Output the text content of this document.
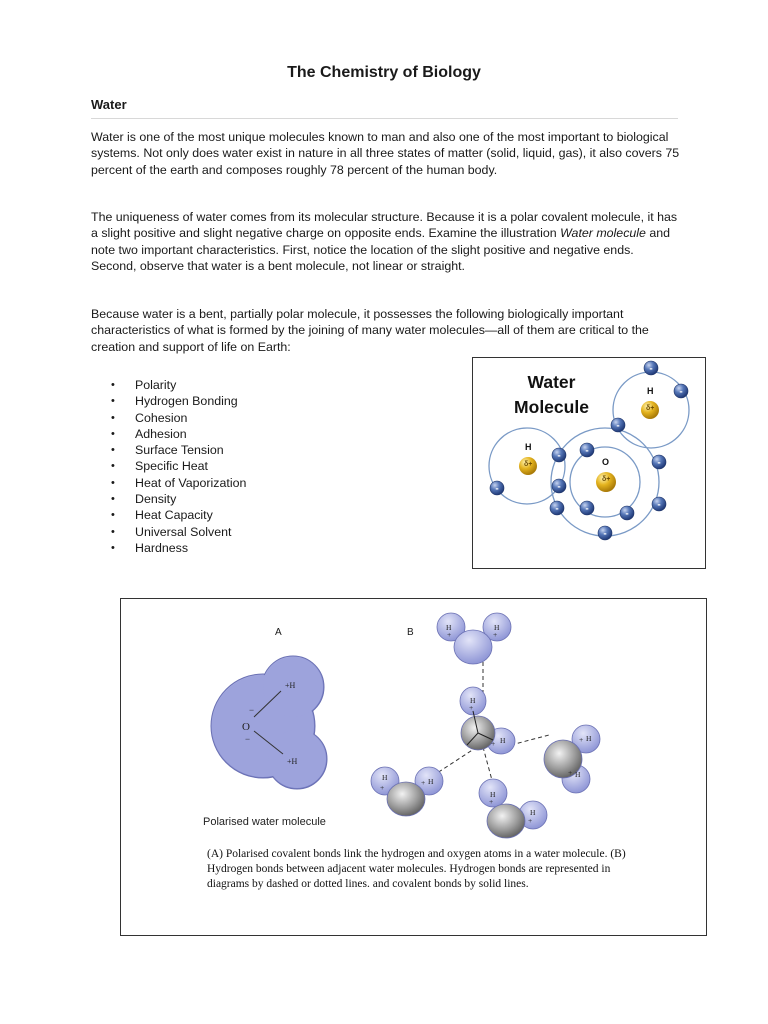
The Chemistry of Biology
Water

Water is one of the most unique molecules known to man and also one of the most important to biological systems. Not only does water exist in nature in all three states of matter (solid, liquid, gas), it also covers 75 percent of the earth and composes roughly 78 percent of the human body.

The uniqueness of water comes from its molecular structure. Because it is a polar covalent molecule, it has a slight positive and slight negative charge on opposite ends. Examine the illustration Water molecule and note two important characteristics. First, notice the location of the slight positive and negative ends. Second, observe that water is a bent molecule, not linear or straight.

Because water is a bent, partially polar molecule, it possesses the following biologically important characteristics of what is formed by the joining of many water molecules—all of them are critical to the creation and support of life on Earth:

• Polarity
• Hydrogen Bonding
• Cohesion
• Adhesion
• Surface Tension
• Specific Heat
• Heat of Vaporization
• Density
• Heat Capacity
• Universal Solvent
• Hardness
-
-
-
-
-
-	-
-
-
-
-
-
-
Water
Molecule
H
H
O
δ+
δ+
δ+
+H
+H
O
−
−
H
+
H
+
H
+
H
+
H
+
H
+
H
+
H
+
H
+
H
+
A	B
Polarised water molecule
(A) Polarised covalent bonds link the hydrogen and oxygen atoms in a water molecule. (B) Hydrogen bonds between adjacent water molecules. Hydrogen bonds are represented in diagrams by dashed or dotted lines. and covalent bonds by solid lines.
